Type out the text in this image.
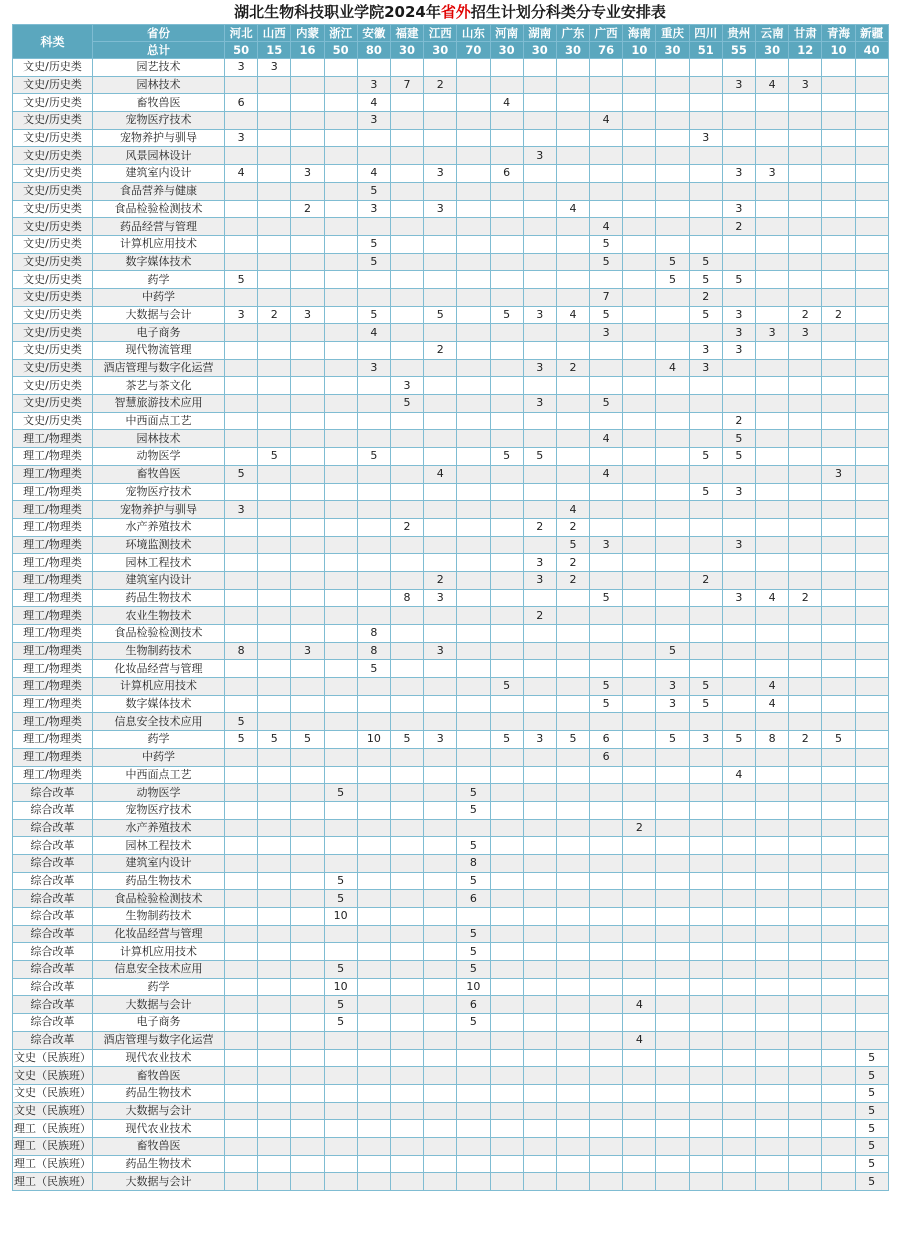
湖北生物科技职业学院2024年省外招生计划分科类分专业安排表
科类	省份	河北	山西	内蒙	浙江	安徽	福建	江西	山东	河南	湖南	广东	广西	海南	重庆	四川	贵州	云南	甘肃	青海	新疆
	总计	50	15	16	50	80	30	30	70	30	30	30	76	10	30	51	55	30	12	10	40
文史/历史类	园艺技术	3	3																		
文史/历史类	园林技术					3	7	2									3	4	3		
文史/历史类	畜牧兽医	6				4				4											
文史/历史类	宠物医疗技术					3							4								
文史/历史类	宠物养护与驯导	3														3					
文史/历史类	风景园林设计										3										
文史/历史类	建筑室内设计	4		3		4		3		6							3	3			
文史/历史类	食品营养与健康					5															
文史/历史类	食品检验检测技术			2		3		3				4					3				
文史/历史类	药品经营与管理												4				2				
文史/历史类	计算机应用技术					5							5								
文史/历史类	数字媒体技术					5							5		5	5					
文史/历史类	药学	5													5	5	5				
文史/历史类	中药学												7			2					
文史/历史类	大数据与会计	3	2	3		5		5		5	3	4	5			5	3		2	2	
文史/历史类	电子商务					4							3				3	3	3		
文史/历史类	现代物流管理							2								3	3				
文史/历史类	酒店管理与数字化运营					3					3	2			4	3					
文史/历史类	茶艺与茶文化						3														
文史/历史类	智慧旅游技术应用						5				3		5								
文史/历史类	中西面点工艺																2				
理工/物理类	园林技术												4				5				
理工/物理类	动物医学		5			5				5	5					5	5				
理工/物理类	畜牧兽医	5						4					4							3	
理工/物理类	宠物医疗技术															5	3				
理工/物理类	宠物养护与驯导	3										4									
理工/物理类	水产养殖技术						2				2	2									
理工/物理类	环境监测技术											5	3				3				
理工/物理类	园林工程技术										3	2									
理工/物理类	建筑室内设计							2			3	2				2					
理工/物理类	药品生物技术						8	3					5				3	4	2		
理工/物理类	农业生物技术										2										
理工/物理类	食品检验检测技术					8															
理工/物理类	生物制药技术	8		3		8		3							5						
理工/物理类	化妆品经营与管理					5															
理工/物理类	计算机应用技术									5			5		3	5		4			
理工/物理类	数字媒体技术												5		3	5		4			
理工/物理类	信息安全技术应用	5																			
理工/物理类	药学	5	5	5		10	5	3		5	3	5	6		5	3	5	8	2	5	
理工/物理类	中药学												6								
理工/物理类	中西面点工艺																4				
综合改革	动物医学				5				5												
综合改革	宠物医疗技术								5												
综合改革	水产养殖技术													2							
综合改革	园林工程技术								5												
综合改革	建筑室内设计								8												
综合改革	药品生物技术				5				5												
综合改革	食品检验检测技术				5				6												
综合改革	生物制药技术				10																
综合改革	化妆品经营与管理								5												
综合改革	计算机应用技术								5												
综合改革	信息安全技术应用				5				5												
综合改革	药学				10				10												
综合改革	大数据与会计				5				6					4							
综合改革	电子商务				5				5												
综合改革	酒店管理与数字化运营													4							
文史（民族班）	现代农业技术																				5
文史（民族班）	畜牧兽医																				5
文史（民族班）	药品生物技术																				5
文史（民族班）	大数据与会计																				5
理工（民族班）	现代农业技术																				5
理工（民族班）	畜牧兽医																				5
理工（民族班）	药品生物技术																				5
理工（民族班）	大数据与会计																				5
